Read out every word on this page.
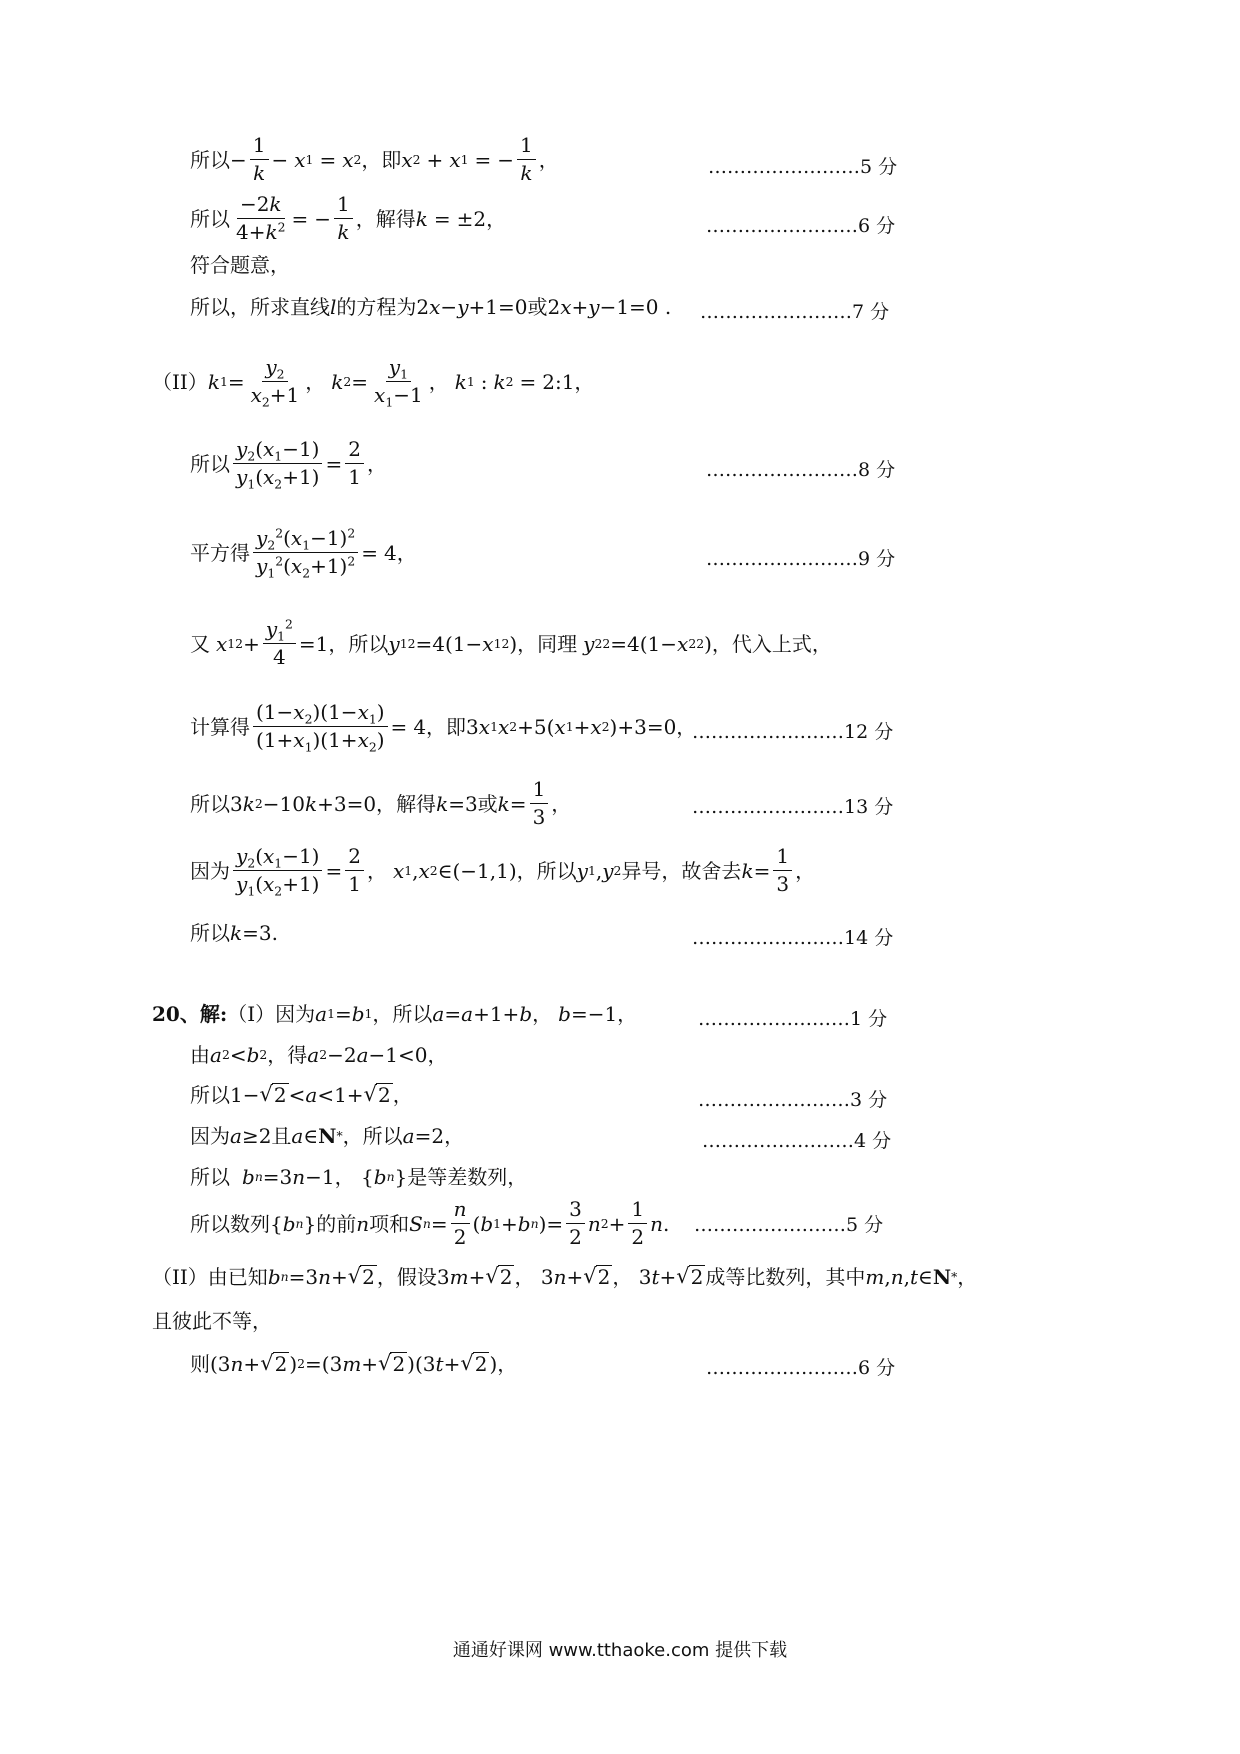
所以 − $\frac{1}{k} - x$ 1 = x 2 ， 即 x 2 + x 1 = − $\frac{1}{k}$ ，	……………………5 分
所以 $\frac{-2k}{4+k^2}$ = − $\frac{1}{k}$ ， 解得 k = ±2，	……………………6 分
符合题意，
所以，所求直线 l 的方程为 2 x − y +1=0 或 2 x + y −1=0 . ……………………7 分
（II） k $1 = \frac{y_2}{x_2+1}$ ， k $2 = \frac{y_1}{x_1-1}$ ， k 1 : k 2 = 2:1，
所以 $\frac{y_2(x_1-1)}{y_1(x_2+1)} = \frac{2}{1}$ ，	……………………8 分
平方得 $\frac{y_2^2(x_1-1)^2}{y_1^2(x_2+1)^2} = 4$，	……………………9 分
又 x 1 $2 + \frac{y_1^2}{4} =1$， 所以 y 1 2 =4(1− x 1 2 )， 同理 y 2 2 =4(1− x 2 2 )， 代入上式，
计算得 $\frac{(1-x_2)(1-x_1)}{(1+x_1)(1+x_2)} = 4$， 即 3 x 1 x 2 +5( x 1 + x 2 )+3=0，
……………………12 分
所以 3 k 2 −10 k +3=0， 解得 k =3 或 $k = \frac{1}{3}$ ，	……………………13 分
因为 $\frac{y_2(x_1-1)}{y_1(x_2+1)} = \frac{2}{1}$ ， x 1 , x 2 ∈(−1,1)， 所以 y 1 , y 2 异号，故舍去 $k = \frac{1}{3}$ ，
所以 k =3.	……………………14 分
20、解: （I） 因为 a 1 = b 1 ， 所以 a = a +1+ b ， b =−1，	……………………1 分
由 a 2 < b 2 ， 得 a 2 −2 a −1<0，
所以 1− √ 2 < a <1+ √ 2 ，	……………………3 分
因为 a ≥2 且 a ∈ N * ， 所以 a =2，	……………………4 分
所以 b n =3 n −1， { b n } 是等差数列，
所以数列 { b n } 的前 n 项和 S $n = \frac{n}{2}$ ( b 1 + b n )= $\frac{3}{2}$ n $2 + \frac{1}{2}$ n . ……………………5 分
（II）由已知 b n =3 n + √ 2 ，假设 3 m + √ 2 ， 3 n + √ 2 ， 3 t + √ 2 成等比数列，其中 m , n , t ∈ N * ，
且彼此不等，
则 (3 n + √ 2 ) 2 =(3 m + √ 2 )(3 t + √ 2 )，	……………………6 分
通通好课网 www.tthaoke.com 提供下载
